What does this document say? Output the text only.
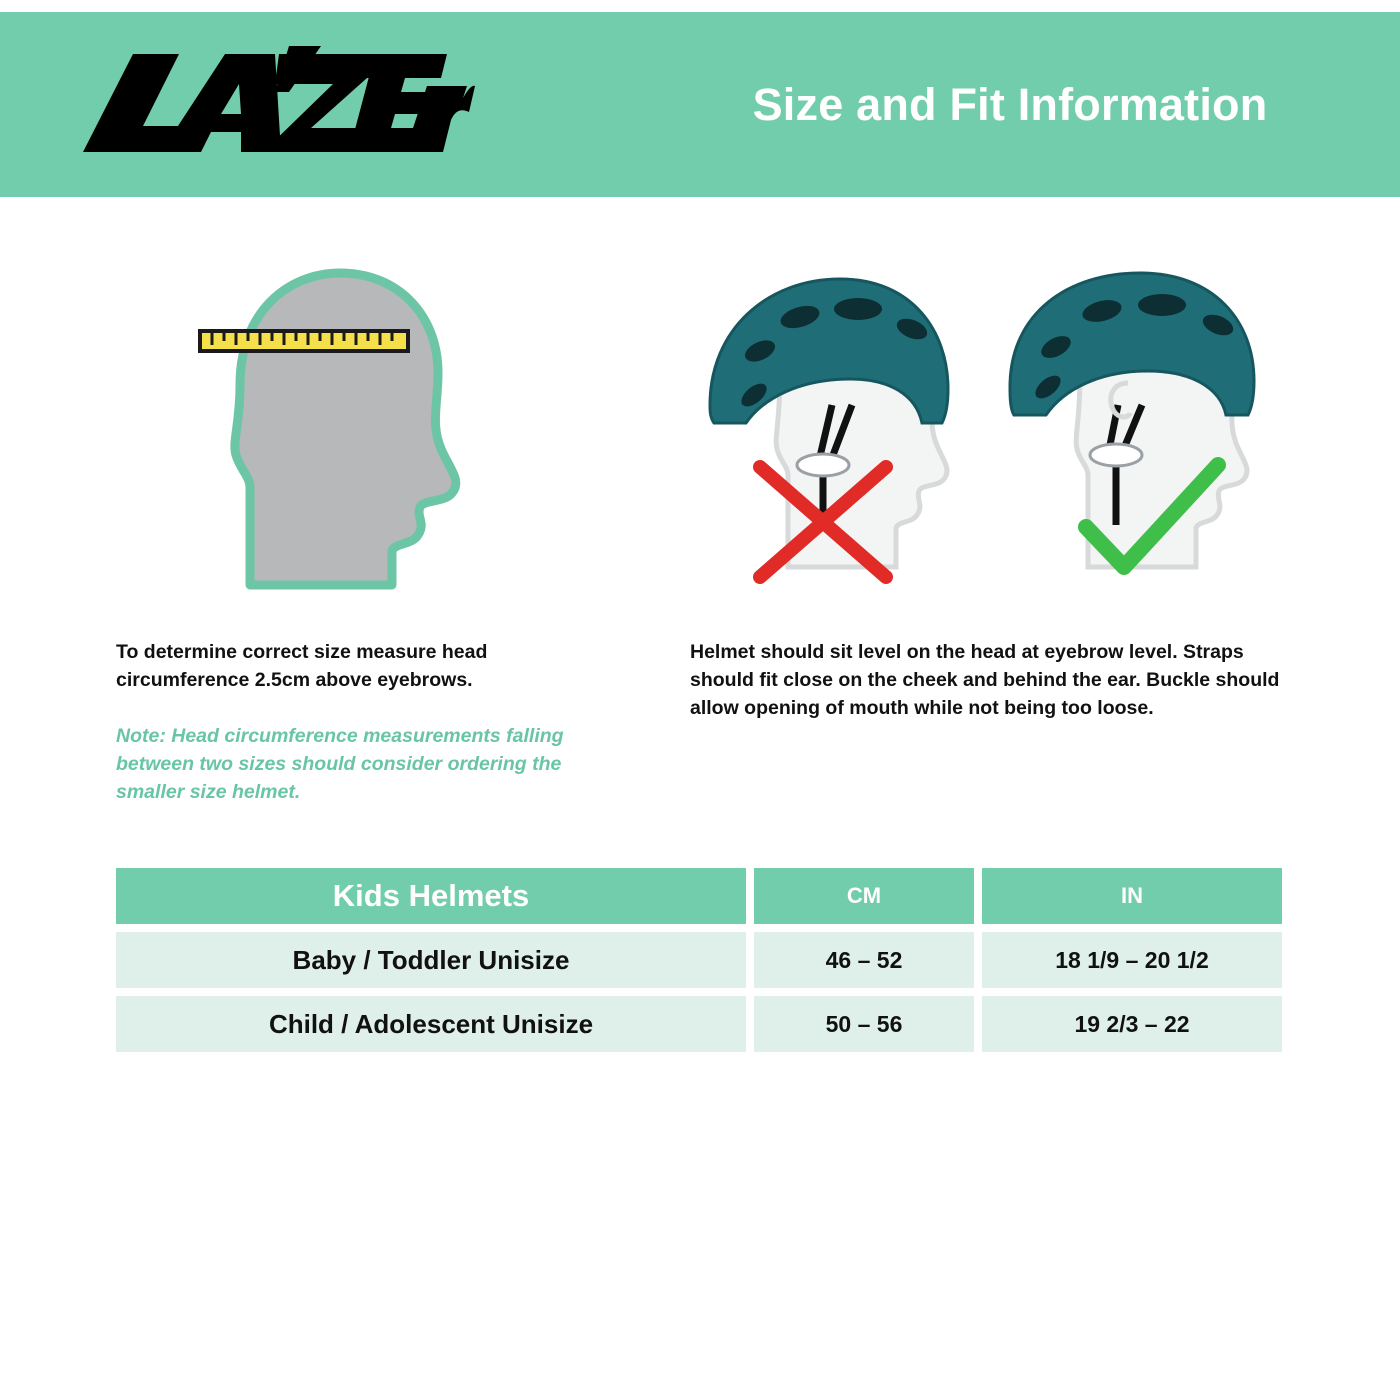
Size and Fit Information

To determine correct size measure head circumference 2.5cm above eyebrows.

Note: Head circumference measurements falling between two sizes should consider ordering the smaller size helmet.

Helmet should sit level on the head at eyebrow level. Straps should fit close on the cheek and behind the ear. Buckle should allow opening of mouth while not being too loose.

Kids Helmets	CM	IN
Baby / Toddler Unisize	46 – 52	18 1/9 – 20 1/2
Child / Adolescent Unisize	50 – 56	19 2/3 – 22
